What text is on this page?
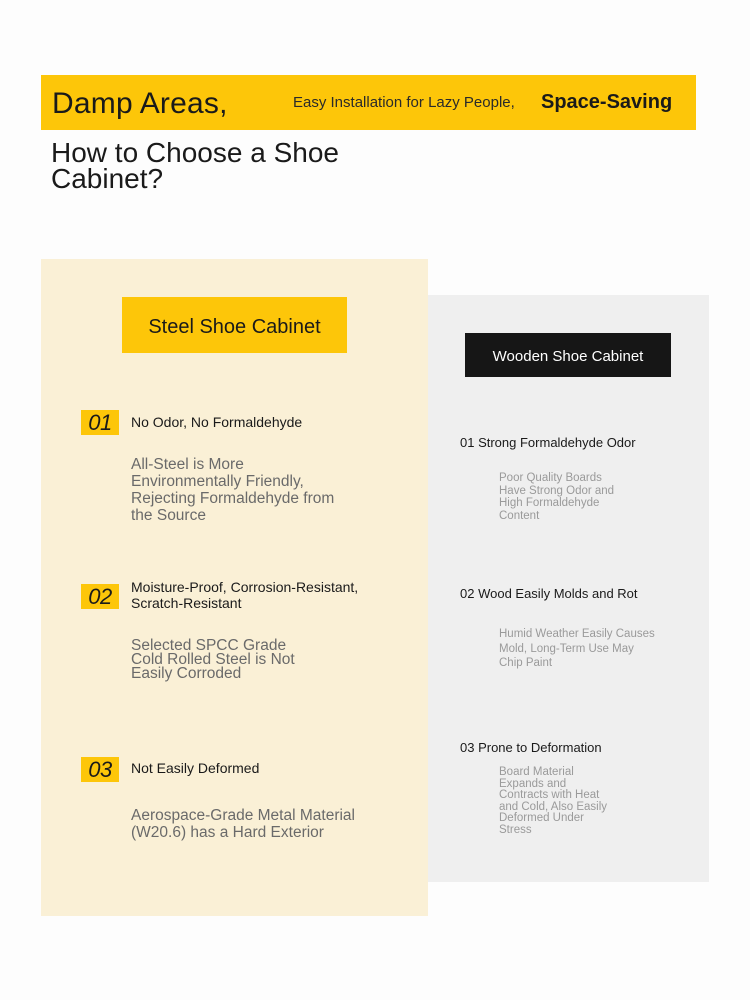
Damp Areas,	Easy Installation for Lazy People, Space-Saving
How to Choose a Shoe Cabinet?
Steel Shoe Cabinet
Wooden Shoe Cabinet
01	No Odor, No Formaldehyde
All-Steel is More Environmentally Friendly, Rejecting Formaldehyde from the Source
02	Moisture-Proof, Corrosion-Resistant, Scratch-Resistant
Selected SPCC Grade Cold Rolled Steel is Not Easily Corroded
03	Not Easily Deformed
Aerospace-Grade Metal Material (W20.6) has a Hard Exterior
01 Strong Formaldehyde Odor
Poor Quality Boards Have Strong Odor and High Formaldehyde Content
02 Wood Easily Molds and Rot
Humid Weather Easily Causes Mold, Long-Term Use May Chip Paint
03 Prone to Deformation
Board Material Expands and Contracts with Heat and Cold, Also Easily Deformed Under Stress
